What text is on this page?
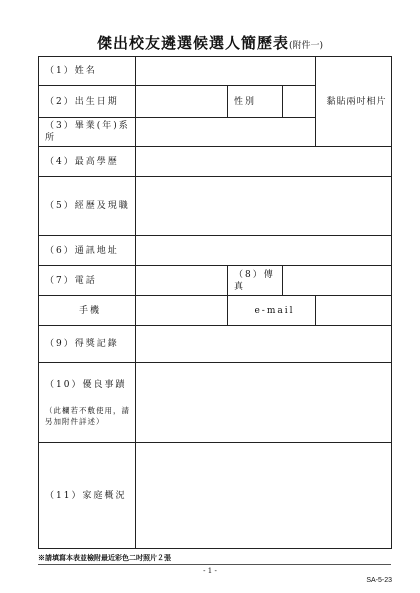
傑出校友遴選候選人簡歷表(附件一)
（1）姓名				黏貼兩吋相片
（2）出生日期		性別		
（3）畢業(年)系所				
（4）最高學歷				
（5）經歷及現職				
（6）通訊地址				
（7）電話		（8）傳真		
手機		e-mail		
（9）得獎記錄				
（10）優良事蹟
（此欄若不敷使用，請另加附件詳述）				

（11）家庭概況				
※請填寫本表並檢附最近彩色二吋照片２張
- 1 -
SA-5-23
